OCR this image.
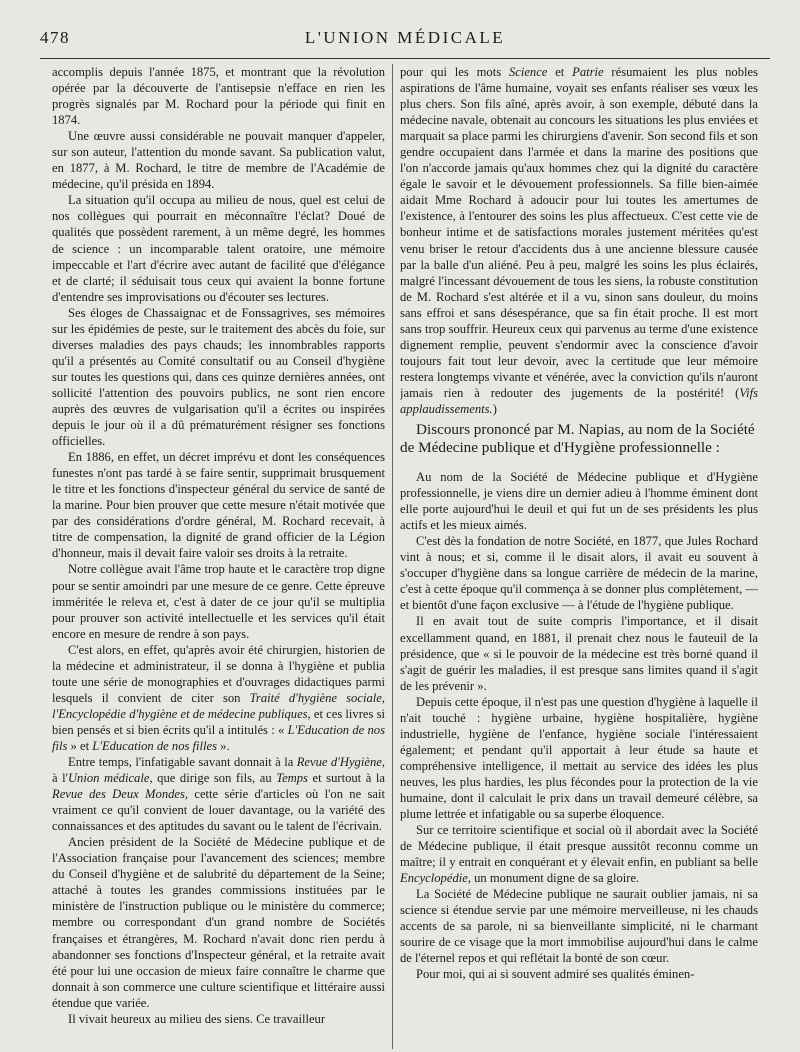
478	L'UNION MÉDICALE

accomplis depuis l'année 1875, et montrant que la révolution opérée par la découverte de l'antisepsie n'efface en rien les progrès signalés par M. Rochard pour la période qui finit en 1874.

Une œuvre aussi considérable ne pouvait manquer d'appeler, sur son auteur, l'attention du monde savant. Sa publication valut, en 1877, à M. Rochard, le titre de membre de l'Académie de médecine, qu'il présida en 1894.

La situation qu'il occupa au milieu de nous, quel est celui de nos collègues qui pourrait en méconnaître l'éclat? Doué de qualités que possèdent rarement, à un même degré, les hommes de science : un incomparable talent oratoire, une mémoire impeccable et l'art d'écrire avec autant de facilité que d'élégance et de clarté; il séduisait tous ceux qui avaient la bonne fortune d'entendre ses improvisations ou d'écouter ses lectures.

Ses éloges de Chassaignac et de Fonssagrives, ses mémoires sur les épidémies de peste, sur le traitement des abcès du foie, sur diverses maladies des pays chauds; les innombrables rapports qu'il a présentés au Comité consultatif ou au Conseil d'hygiène sur toutes les questions qui, dans ces quinze dernières années, ont sollicité l'attention des pouvoirs publics, ne sont rien encore auprès des œuvres de vulgarisation qu'il a écrites ou inspirées depuis le jour où il a dû prématurément résigner ses fonctions officielles.

En 1886, en effet, un décret imprévu et dont les conséquences funestes n'ont pas tardé à se faire sentir, supprimait brusquement le titre et les fonctions d'inspecteur général du service de santé de la marine. Pour bien prouver que cette mesure n'était motivée que par des considérations d'ordre général, M. Rochard recevait, à titre de compensation, la dignité de grand officier de la Légion d'honneur, mais il devait faire valoir ses droits à la retraite.

Notre collègue avait l'âme trop haute et le caractère trop digne pour se sentir amoindri par une mesure de ce genre. Cette épreuve imméritée le releva et, c'est à dater de ce jour qu'il se multiplia pour prouver son activité intellectuelle et les services qu'il était encore en mesure de rendre à son pays.

C'est alors, en effet, qu'après avoir été chirurgien, historien de la médecine et administrateur, il se donna à l'hygiène et publia toute une série de monographies et d'ouvrages didactiques parmi lesquels il convient de citer son Traité d'hygiène sociale, l'Encyclopédie d'hygiène et de médecine publiques, et ces livres si bien pensés et si bien écrits qu'il a intitulés : « L'Education de nos fils » et L'Education de nos filles ».

Entre temps, l'infatigable savant donnait à la Revue d'Hygiène, à l'Union médicale, que dirige son fils, au Temps et surtout à la Revue des Deux Mondes, cette série d'articles où l'on ne sait vraiment ce qu'il convient de louer davantage, ou la variété des connaissances et des aptitudes du savant ou le talent de l'écrivain.

Ancien président de la Société de Médecine publique et de l'Association française pour l'avancement des sciences; membre du Conseil d'hygiène et de salubrité du département de la Seine; attaché à toutes les grandes commissions instituées par le ministère de l'instruction publique ou le ministère du commerce; membre ou correspondant d'un grand nombre de Sociétés françaises et étrangères, M. Rochard n'avait donc rien perdu à abandonner ses fonctions d'Inspecteur général, et la retraite avait été pour lui une occasion de mieux faire connaître le charme que donnait à son commerce une culture scientifique et littéraire aussi étendue que variée.

Il vivait heureux au milieu des siens. Ce travailleur

pour qui les mots Science et Patrie résumaient les plus nobles aspirations de l'âme humaine, voyait ses enfants réaliser ses vœux les plus chers. Son fils aîné, après avoir, à son exemple, débuté dans la médecine navale, obtenait au concours les situations les plus enviées et marquait sa place parmi les chirurgiens d'avenir. Son second fils et son gendre occupaient dans l'armée et dans la marine des positions que l'on n'accorde jamais qu'aux hommes chez qui la dignité du caractère égale le savoir et le dévouement professionnels. Sa fille bien-aimée aidait Mme Rochard à adoucir pour lui toutes les amertumes de l'existence, à l'entourer des soins les plus affectueux. C'est cette vie de bonheur intime et de satisfactions morales justement méritées qu'est venu briser le retour d'accidents dus à une ancienne blessure causée par la balle d'un aliéné. Peu à peu, malgré les soins les plus éclairés, malgré l'incessant dévouement de tous les siens, la robuste constitution de M. Rochard s'est altérée et il a vu, sinon sans douleur, du moins sans effroi et sans désespérance, que sa fin était proche. Il est mort sans trop souffrir. Heureux ceux qui parvenus au terme d'une existence dignement remplie, peuvent s'endormir avec la conscience d'avoir toujours fait tout leur devoir, avec la certitude que leur mémoire restera longtemps vivante et vénérée, avec la conviction qu'ils n'auront jamais rien à redouter des jugements de la postérité! (Vifs applaudissements.)

Discours prononcé par M. Napias, au nom de la Société de Médecine publique et d'Hygiène professionnelle :

Au nom de la Société de Médecine publique et d'Hygiène professionnelle, je viens dire un dernier adieu à l'homme éminent dont elle porte aujourd'hui le deuil et qui fut un de ses présidents les plus actifs et les mieux aimés.

C'est dès la fondation de notre Société, en 1877, que Jules Rochard vint à nous; et si, comme il le disait alors, il avait eu souvent à s'occuper d'hygiène dans sa longue carrière de médecin de la marine, c'est à cette époque qu'il commença à se donner plus complètement, — et bientôt d'une façon exclusive — à l'étude de l'hygiène publique.

Il en avait tout de suite compris l'importance, et il disait excellamment quand, en 1881, il prenait chez nous le fauteuil de la présidence, que « si le pouvoir de la médecine est très borné quand il s'agit de guérir les maladies, il est presque sans limites quand il s'agit de les prévenir ».

Depuis cette époque, il n'est pas une question d'hygiène à laquelle il n'ait touché : hygiène urbaine, hygiène hospitalière, hygiène industrielle, hygiène de l'enfance, hygiène sociale l'intéressaient également; et pendant qu'il apportait à leur étude sa haute et compréhensive intelligence, il mettait au service des idées les plus neuves, les plus hardies, les plus fécondes pour la protection de la vie humaine, dont il calculait le prix dans un travail demeuré célèbre, sa plume lettrée et infatigable ou sa superbe éloquence.

Sur ce territoire scientifique et social où il abordait avec la Société de Médecine publique, il était presque aussitôt reconnu comme un maître; il y entrait en conquérant et y élevait enfin, en publiant sa belle Encyclopédie, un monument digne de sa gloire.

La Société de Médecine publique ne saurait oublier jamais, ni sa science si étendue servie par une mémoire merveilleuse, ni les chauds accents de sa parole, ni sa bienveillante simplicité, ni le charmant sourire de ce visage que la mort immobilise aujourd'hui dans le calme de l'éternel repos et qui reflétait la bonté de son cœur.

Pour moi, qui ai si souvent admiré ses qualités éminen-
